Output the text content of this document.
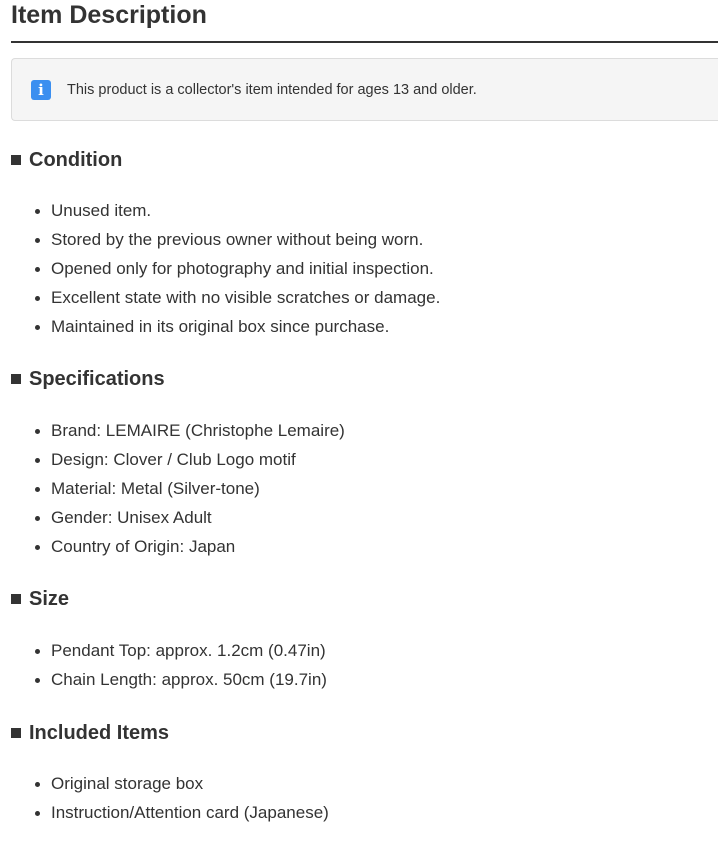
Item Description
i	This product is a collector's item intended for ages 13 and older.
Condition
Unused item.
Stored by the previous owner without being worn.
Opened only for photography and initial inspection.
Excellent state with no visible scratches or damage.
Maintained in its original box since purchase.
Specifications
Brand: LEMAIRE (Christophe Lemaire)
Design: Clover / Club Logo motif
Material: Metal (Silver-tone)
Gender: Unisex Adult
Country of Origin: Japan
Size
Pendant Top: approx. 1.2cm (0.47in)
Chain Length: approx. 50cm (19.7in)
Included Items
Original storage box
Instruction/Attention card (Japanese)
